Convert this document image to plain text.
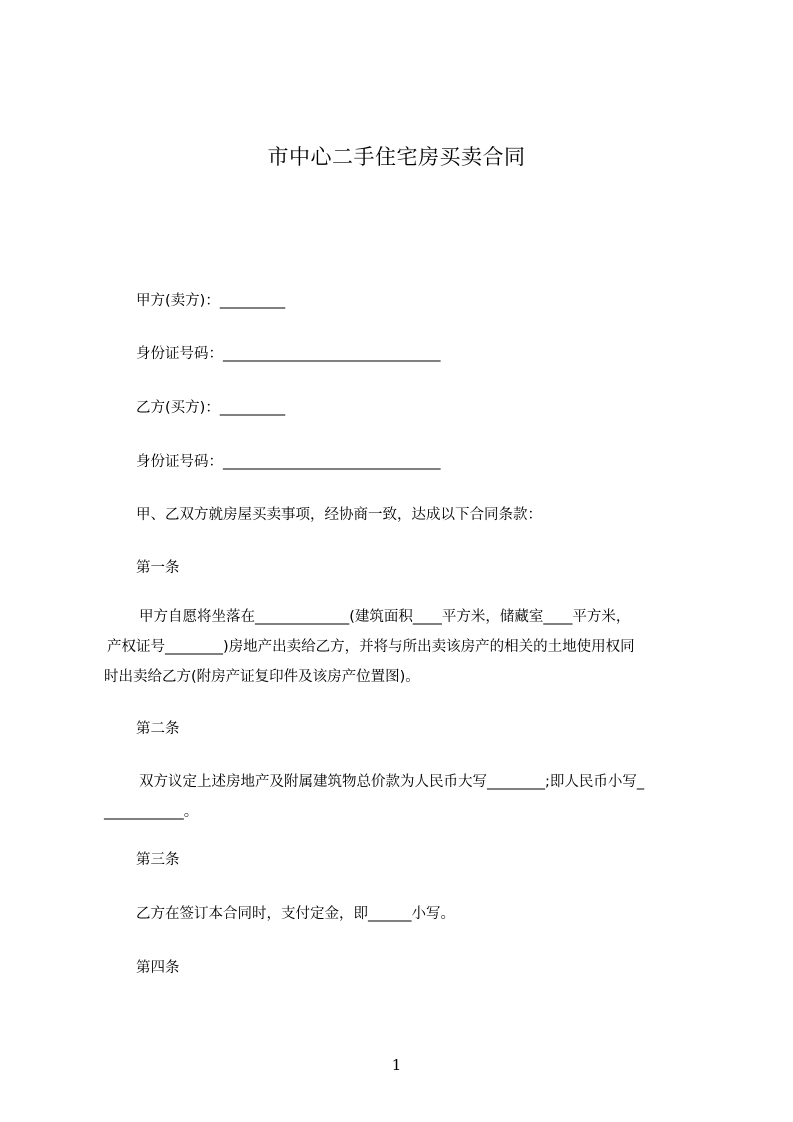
市中心二手住宅房买卖合同
甲方(卖方)：_________
身份证号码：______________________________
乙方(买方)：_________
身份证号码：______________________________
甲、乙双方就房屋买卖事项，经协商一致，达成以下合同条款：
第一条
甲方自愿将坐落在_____________(建筑面积____平方米，储藏室____平方米，
产权证号________)房地产出卖给乙方，并将与所出卖该房产的相关的土地使用权同
时出卖给乙方(附房产证复印件及该房产位置图)。
第二条
双方议定上述房地产及附属建筑物总价款为人民币大写________;即人民币小写_
___________。
第三条
乙方在签订本合同时，支付定金，即______小写。
第四条
1
